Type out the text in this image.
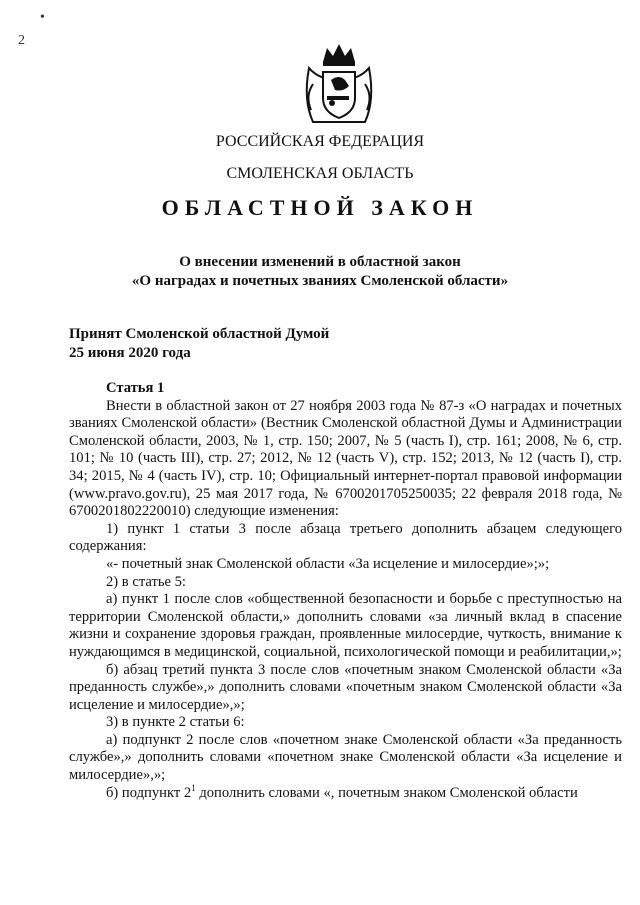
•
2
РОССИЙСКАЯ ФЕДЕРАЦИЯ
СМОЛЕНСКАЯ ОБЛАСТЬ
ОБЛАСТНОЙ ЗАКОН
О внесении изменений в областной закон
«О наградах и почетных званиях Смоленской области»
Принят Смоленской областной Думой
25 июня 2020 года

Статья 1

Внести в областной закон от 27 ноября 2003 года № 87-з «О наградах и почетных званиях Смоленской области» (Вестник Смоленской областной Думы и Администрации Смоленской области, 2003, № 1, стр. 150; 2007, № 5 (часть I), стр. 161; 2008, № 6, стр. 101; № 10 (часть III), стр. 27; 2012, № 12 (часть V), стр. 152; 2013, № 12 (часть I), стр. 34; 2015, № 4 (часть IV), стр. 10; Официальный интернет-портал правовой информации (www.pravo.gov.ru), 25 мая 2017 года, № 6700201705250035; 22 февраля 2018 года, № 6700201802220010) следующие изменения:

1) пункт 1 статьи 3 после абзаца третьего дополнить абзацем следующего содержания:

«- почетный знак Смоленской области «За исцеление и милосердие»;»;

2) в статье 5:

а) пункт 1 после слов «общественной безопасности и борьбе с преступностью на территории Смоленской области,» дополнить словами «за личный вклад в спасение жизни и сохранение здоровья граждан, проявленные милосердие, чуткость, внимание к нуждающимся в медицинской, социальной, психологической помощи и реабилитации,»;

б) абзац третий пункта 3 после слов «почетным знаком Смоленской области «За преданность службе»,» дополнить словами «почетным знаком Смоленской области «За исцеление и милосердие»,»;

3) в пункте 2 статьи 6:

а) подпункт 2 после слов «почетном знаке Смоленской области «За преданность службе»,» дополнить словами «почетном знаке Смоленской области «За исцеление и милосердие»,»;

б) подпункт $2^1$ дополнить словами «, почетным знаком Смоленской области
